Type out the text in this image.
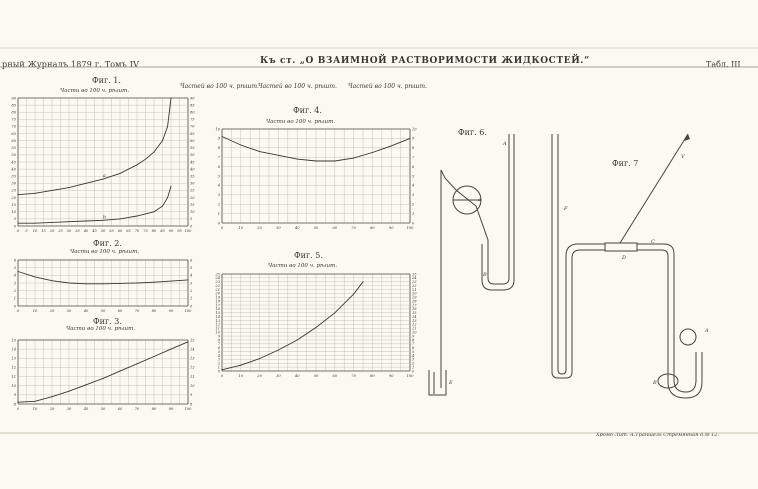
рный Журналъ 1879 г. Томъ IV	Къ ст. „О ВЗАИМНОЙ РАСТВОРИМОСТИ ЖИДКОСТЕЙ.“	Табл. III
Частей во 100 ч. рѣшт. Частей во 100 ч. рѣшт. Частей во 100 ч. рѣшт.
Фиг. 1.
Части во 100 ч. рѣшт.
Фиг. 2.
Части во 100 ч. рѣшт.
Фиг. 3.
Части во 100 ч. рѣшт.
Фиг. 4.
Части во 100 ч. рѣшт.
Фиг. 5.
Части во 100 ч. рѣшт.
Фиг. 6.
Фиг. 7
Хромо-Лит. А.Траншель Стремянная д.№ 12.
A
a
B
E
F
V
C
D
A
B
0 5 10 15 20 25 30 35 40 45 50 55 60 65 70 75 80 85 90 95 100
0	0
5	5
10	10
15	15
20	20
25	25
30	30
35	35
40	40
45	45
50	50
55	55
60	60
65	65
70	70
75	75
80	80
85	85
90	90
a
b
0	10	20	30	40	50	60	70	80	90	100
0	0
1	1
2	2
3	3
4	4
5	5
6	6
0	10	20	30	40	50	60	70	80	90	100
8	8
9	9
10	10
11	11
12	12
13	13
14	14
15	15
0	10	20	30	40	50	60	70	80	90	100
0	0
1	1
2	2
3	3
4	4
5	5
6	6
7	7
8	8
9	9
10	10
0	10	20	30	40	50	60	70	80	90	100
0	0
1	1
2	2
3	3
4	4
5	5
6	6
7	7
8	8
9	9
10	10
11	11
12	12
13	13
14	14
15	15
16	16
17	17
18	18
19	19
20	20
21	21
22	22
23	23
24	24
25	25
